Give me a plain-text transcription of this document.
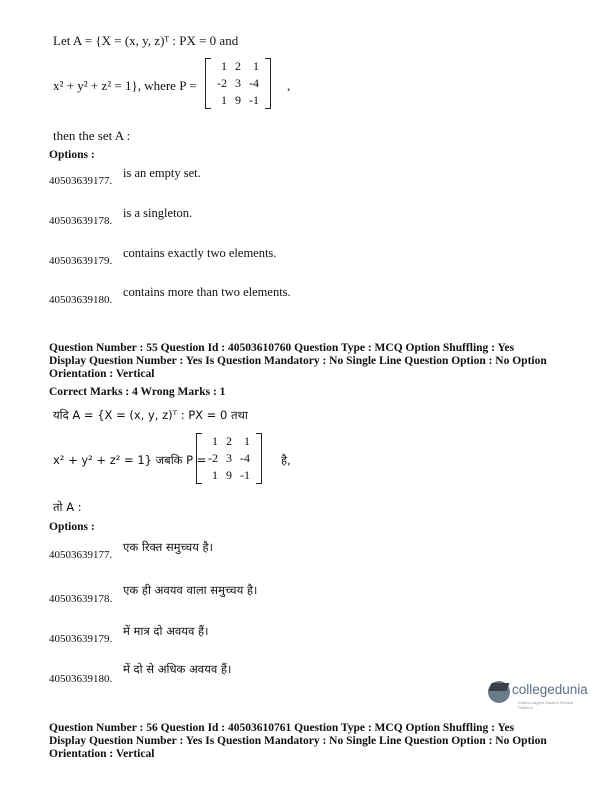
Let A = {X = (x, y, z)ᵀ : PX = 0 and
x² + y² + z² = 1}, where P =
1	2	1
-2	3	-4
1	9	-1
,
then the set A :
Options :
40503639177.
is an empty set.
40503639178.
is a singleton.
40503639179.
contains exactly two elements.
40503639180.
contains more than two elements.
Question Number : 55 Question Id : 40503610760 Question Type : MCQ Option Shuffling : Yes
Display Question Number : Yes Is Question Mandatory : No Single Line Question Option : No Option
Orientation : Vertical
Correct Marks : 4 Wrong Marks : 1
यदि A = {X = (x, y, z)ᵀ : PX = 0 तथा
x² + y² + z² = 1} जबकि P =
1	2	1
-2	3	-4
1	9	-1
है,
तो A :
Options :
40503639177.
एक रिक्त समुच्चय है।
40503639178.
एक ही अवयव वाला समुच्चय है।
40503639179.
में मात्र दो अवयव हैं।
40503639180.
में दो से अधिक अवयव हैं।
collegedunia
India's Largest Student Review Platform
Question Number : 56 Question Id : 40503610761 Question Type : MCQ Option Shuffling : Yes
Display Question Number : Yes Is Question Mandatory : No Single Line Question Option : No Option
Orientation : Vertical
